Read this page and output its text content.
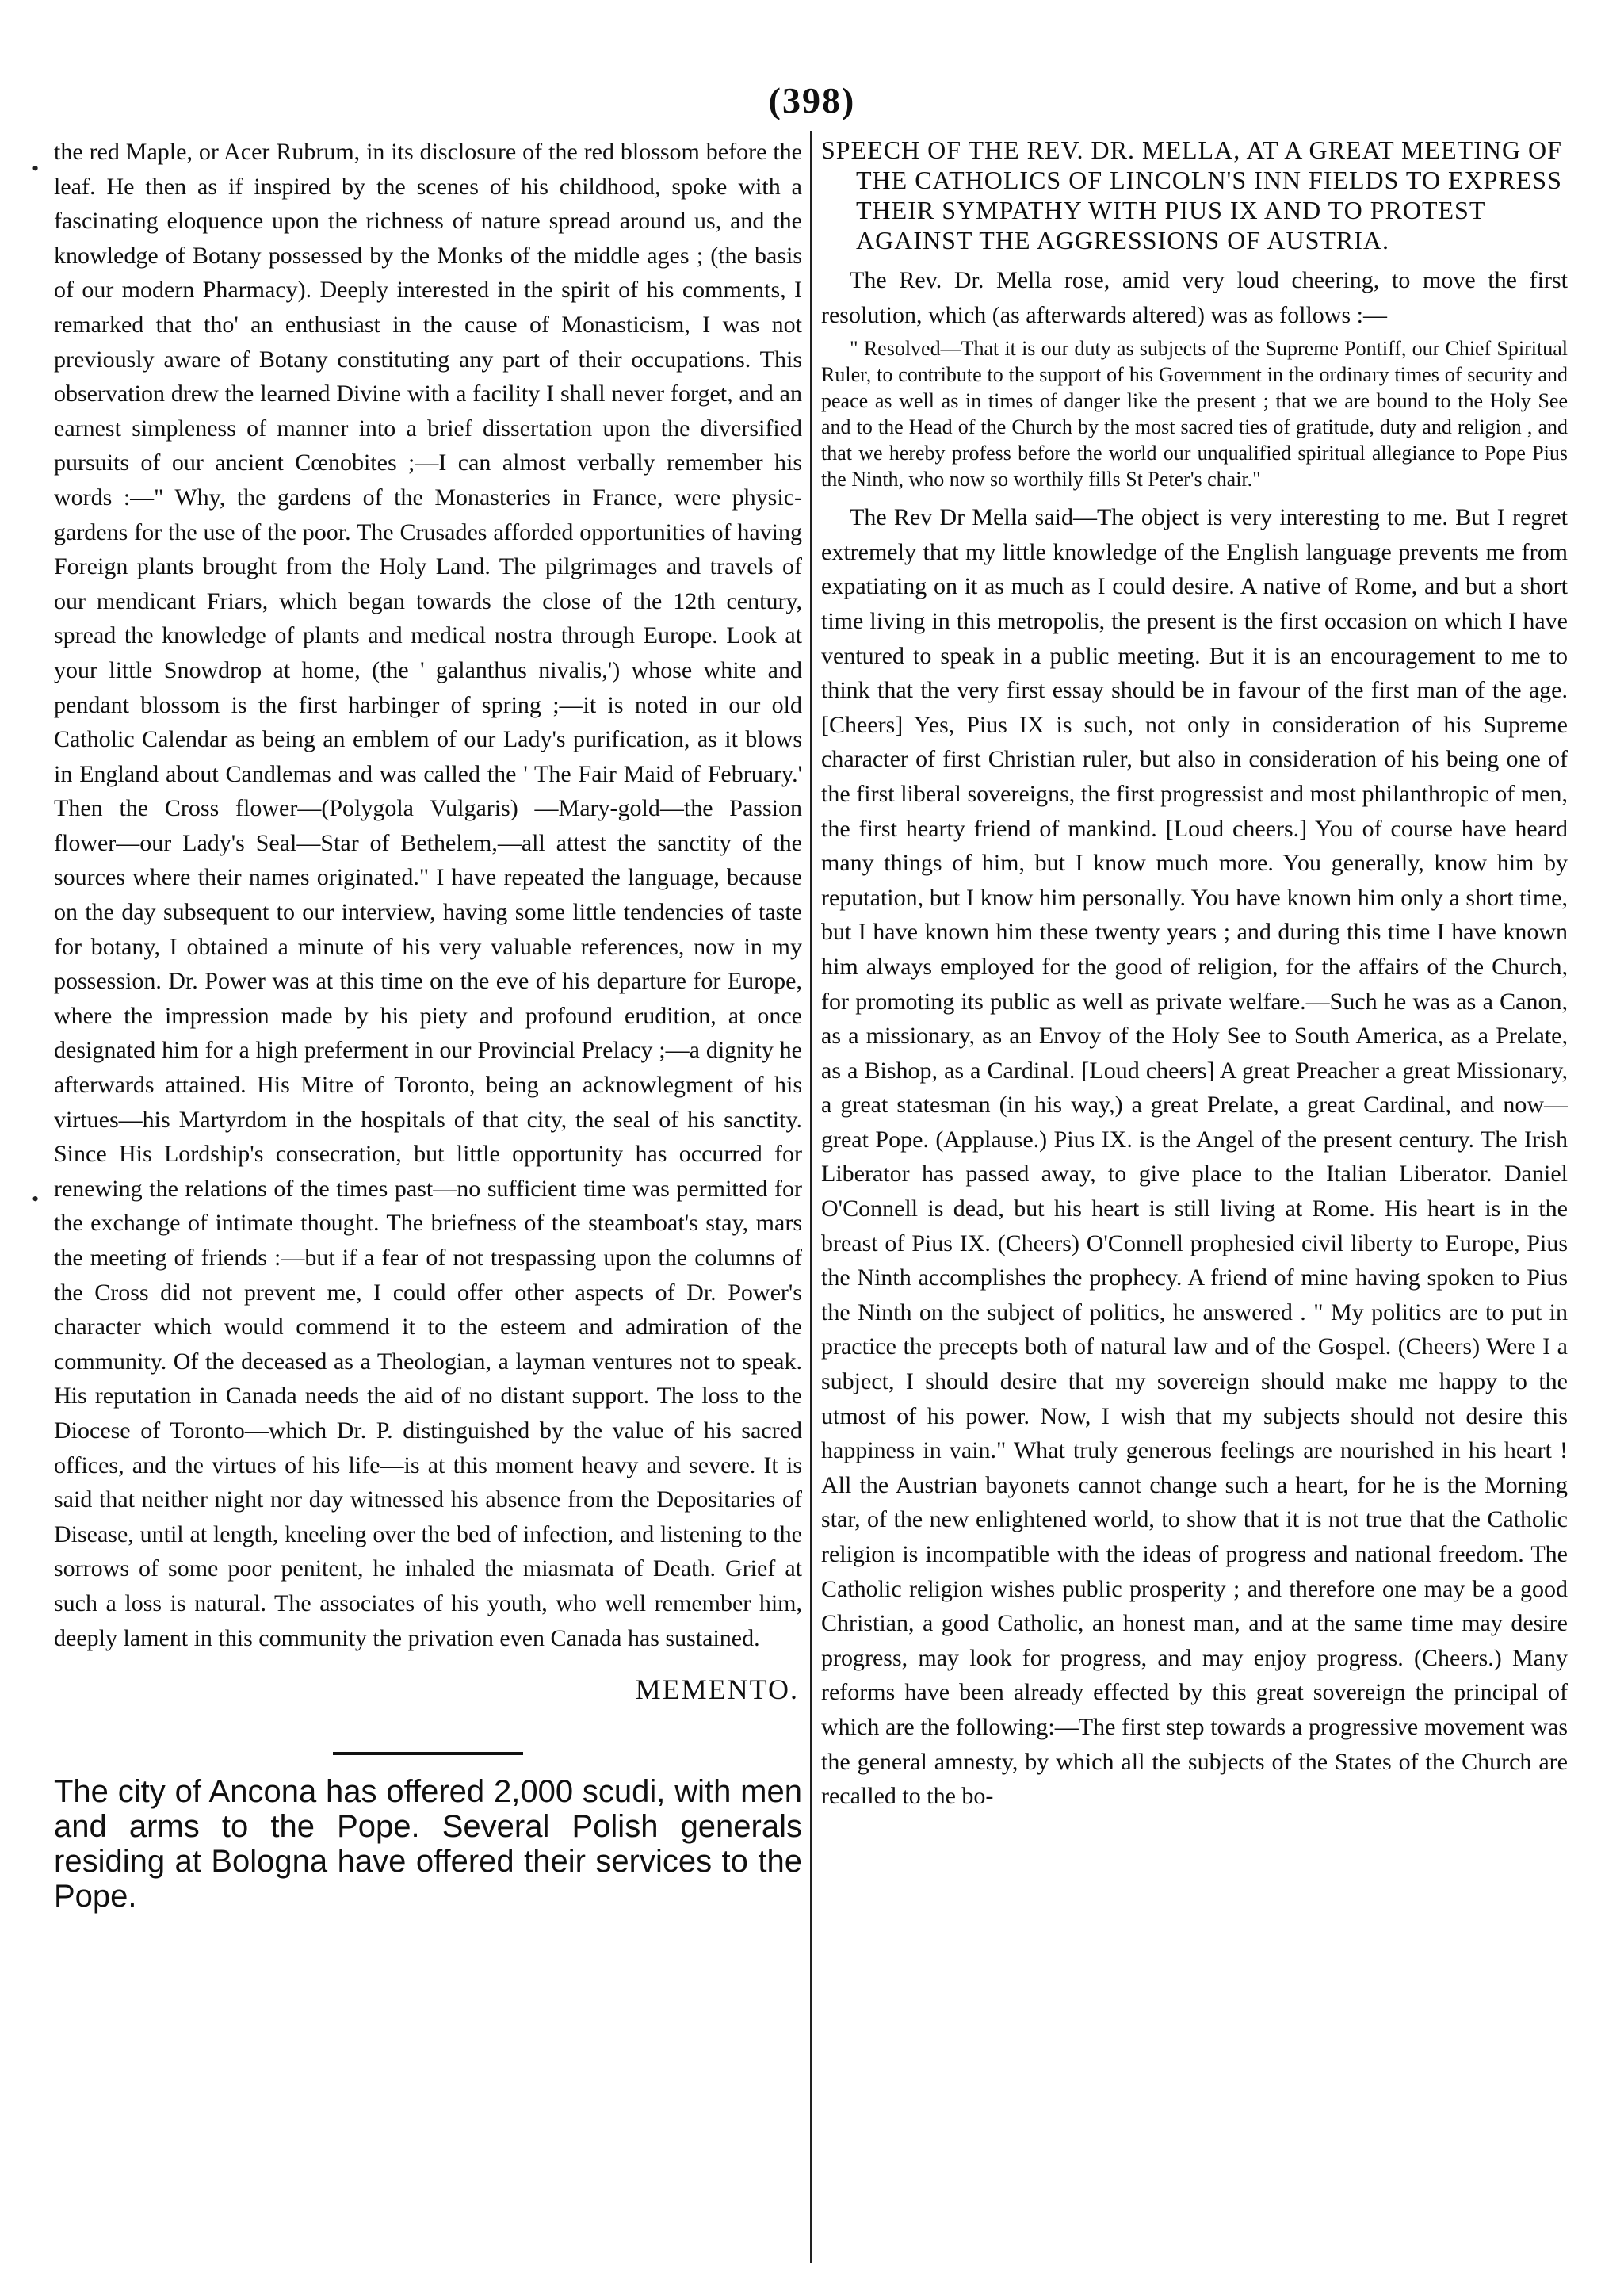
(398)
•
•

the red Maple, or Acer Rubrum, in its disclosure of the red blossom before the leaf. He then as if inspired by the scenes of his childhood, spoke with a fascinating eloquence upon the richness of nature spread around us, and the knowledge of Botany possessed by the Monks of the middle ages ; (the basis of our modern Pharmacy). Deeply interested in the spirit of his comments, I remarked that tho' an enthusiast in the cause of Monasticism, I was not previously aware of Botany constituting any part of their occupations. This observation drew the learned Divine with a facility I shall never forget, and an earnest simpleness of manner into a brief dissertation upon the diversified pursuits of our ancient Cœnobites ;—I can almost verbally remember his words :—" Why, the gardens of the Monasteries in France, were physic-gardens for the use of the poor. The Crusades afforded opportunities of having Foreign plants brought from the Holy Land. The pilgrimages and travels of our mendicant Friars, which began towards the close of the 12th century, spread the knowledge of plants and medical nostra through Europe. Look at your little Snowdrop at home, (the ' galanthus nivalis,') whose white and pendant blossom is the first harbinger of spring ;—it is noted in our old Catholic Calendar as being an emblem of our Lady's purification, as it blows in England about Candlemas and was called the ' The Fair Maid of February.' Then the Cross flower—(Polygola Vulgaris) —Mary-gold—the Passion flower—our Lady's Seal—Star of Bethelem,—all attest the sanctity of the sources where their names originated." I have repeated the language, because on the day subsequent to our interview, having some little tendencies of taste for botany, I obtained a minute of his very valuable references, now in my possession. Dr. Power was at this time on the eve of his departure for Europe, where the impression made by his piety and profound erudition, at once designated him for a high preferment in our Provincial Prelacy ;—a dignity he afterwards attained. His Mitre of Toronto, being an acknowlegment of his virtues—his Martyrdom in the hospitals of that city, the seal of his sanctity. Since His Lordship's consecration, but little opportunity has occurred for renewing the relations of the times past—no sufficient time was permitted for the exchange of intimate thought. The briefness of the steamboat's stay, mars the meeting of friends :—but if a fear of not trespassing upon the columns of the Cross did not prevent me, I could offer other aspects of Dr. Power's character which would commend it to the esteem and admiration of the community. Of the deceased as a Theologian, a layman ventures not to speak. His reputation in Canada needs the aid of no distant support. The loss to the Diocese of Toronto—which Dr. P. distinguished by the value of his sacred offices, and the virtues of his life—is at this moment heavy and severe. It is said that neither night nor day witnessed his absence from the Depositaries of Disease, until at length, kneeling over the bed of infection, and listening to the sorrows of some poor penitent, he inhaled the miasmata of Death. Grief at such a loss is natural. The associates of his youth, who well remember him, deeply lament in this community the privation even Canada has sustained.

MEMENTO.

The city of Ancona has offered 2,000 scudi, with men and arms to the Pope. Several Polish generals residing at Bologna have offered their services to the Pope.

SPEECH OF THE REV. DR. MELLA, AT A GREAT MEETING OF THE CATHOLICS OF LINCOLN'S INN FIELDS TO EXPRESS THEIR SYMPATHY WITH PIUS IX AND TO PROTEST AGAINST THE AGGRESSIONS OF AUSTRIA.

The Rev. Dr. Mella rose, amid very loud cheering, to move the first resolution, which (as afterwards altered) was as follows :—

" Resolved—That it is our duty as subjects of the Supreme Pontiff, our Chief Spiritual Ruler, to contribute to the support of his Government in the ordinary times of security and peace as well as in times of danger like the present ; that we are bound to the Holy See and to the Head of the Church by the most sacred ties of gratitude, duty and religion , and that we hereby profess before the world our unqualified spiritual allegiance to Pope Pius the Ninth, who now so worthily fills St Peter's chair."

The Rev Dr Mella said—The object is very interesting to me. But I regret extremely that my little knowledge of the English language prevents me from expatiating on it as much as I could desire. A native of Rome, and but a short time living in this metropolis, the present is the first occasion on which I have ventured to speak in a public meeting. But it is an encouragement to me to think that the very first essay should be in favour of the first man of the age. [Cheers] Yes, Pius IX is such, not only in consideration of his Supreme character of first Christian ruler, but also in consideration of his being one of the first liberal sovereigns, the first progressist and most philanthropic of men, the first hearty friend of mankind. [Loud cheers.] You of course have heard many things of him, but I know much more. You generally, know him by reputation, but I know him personally. You have known him only a short time, but I have known him these twenty years ; and during this time I have known him always employed for the good of religion, for the affairs of the Church, for promoting its public as well as private welfare.—Such he was as a Canon, as a missionary, as an Envoy of the Holy See to South America, as a Prelate, as a Bishop, as a Cardinal. [Loud cheers] A great Preacher a great Missionary, a great statesman (in his way,) a great Prelate, a great Cardinal, and now—great Pope. (Applause.) Pius IX. is the Angel of the present century. The Irish Liberator has passed away, to give place to the Italian Liberator. Daniel O'Connell is dead, but his heart is still living at Rome. His heart is in the breast of Pius IX. (Cheers) O'Connell prophesied civil liberty to Europe, Pius the Ninth accomplishes the prophecy. A friend of mine having spoken to Pius the Ninth on the subject of politics, he answered . " My politics are to put in practice the precepts both of natural law and of the Gospel. (Cheers) Were I a subject, I should desire that my sovereign should make me happy to the utmost of his power. Now, I wish that my subjects should not desire this happiness in vain." What truly generous feelings are nourished in his heart ! All the Austrian bayonets cannot change such a heart, for he is the Morning star, of the new enlightened world, to show that it is not true that the Catholic religion is incompatible with the ideas of progress and national freedom. The Catholic religion wishes public prosperity ; and therefore one may be a good Christian, a good Catholic, an honest man, and at the same time may desire progress, may look for progress, and may enjoy progress. (Cheers.) Many reforms have been already effected by this great sovereign the principal of which are the following:—The first step towards a progressive movement was the general amnesty, by which all the subjects of the States of the Church are recalled to the bo-
